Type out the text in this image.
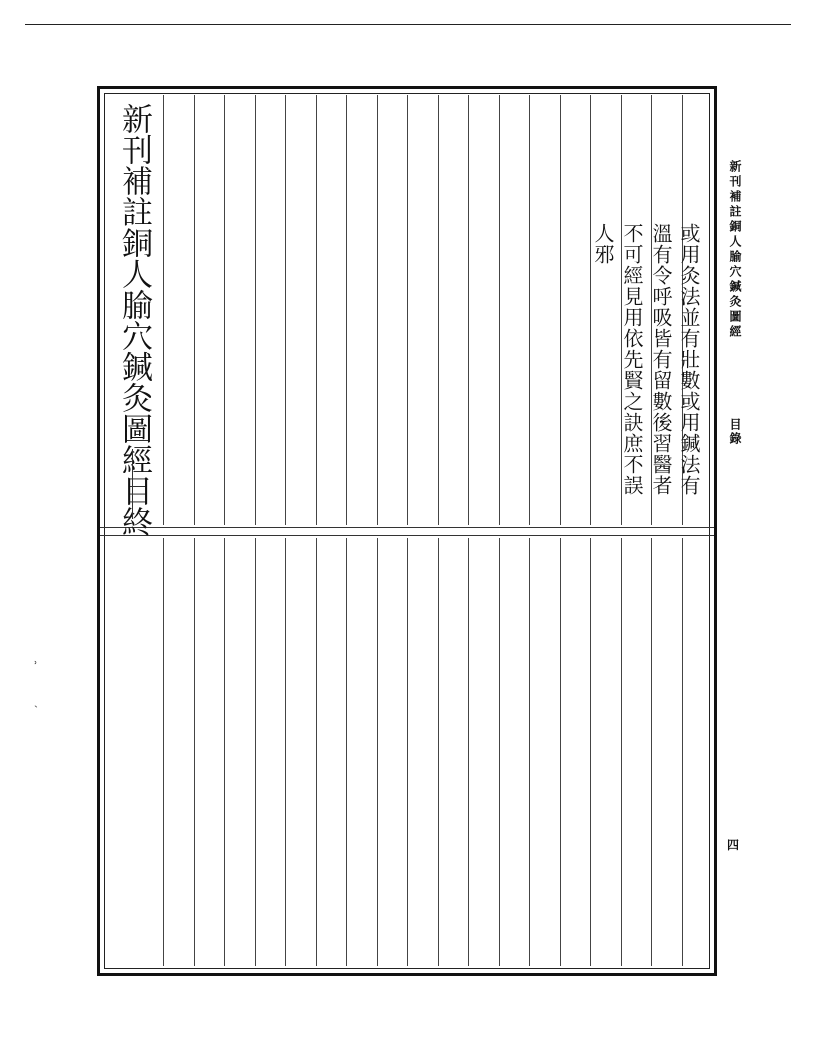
新刊補註銅人腧穴鍼灸圖經目終	或用灸法並有壯數或用鍼法有
溫有令呼吸皆有留數後習醫者
不可經見用依先賢之訣庶不誤
人邪	新刊補註銅人腧穴鍼灸圖經
目錄
四
˒
ˏ
